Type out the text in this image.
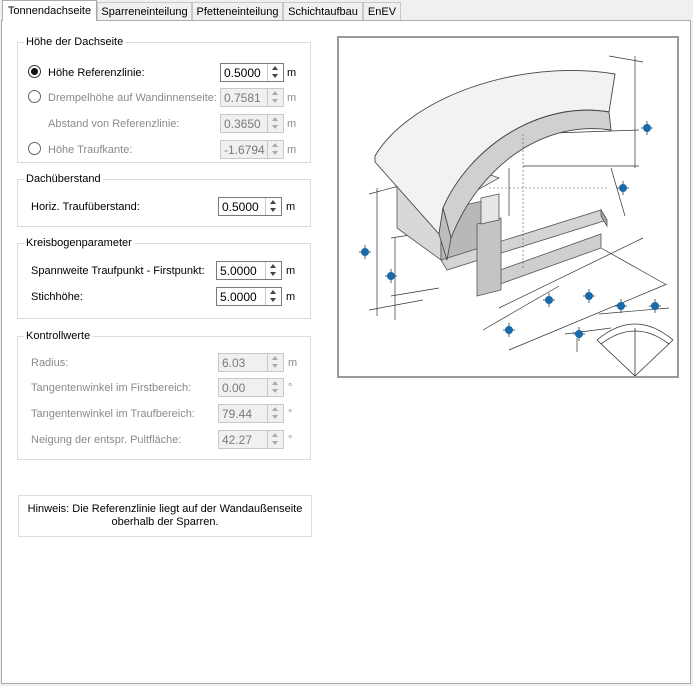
Tonnendachseite Sparreneinteilung Pfetteneinteilung Schichtaufbau EnEV
Höhe der Dachseite
Höhe Referenzlinie:	0.5000 m
Drempelhöhe auf Wandinnenseite: 0.7581 m
Abstand von Referenzlinie:	0.3650 m
Höhe Traufkante:	-1.6794 m
Dachüberstand
Horiz. Traufüberstand:	0.5000 m
Kreisbogenparameter
Spannweite Traufpunkt - Firstpunkt: 5.0000	m
Stichhöhe:	5.0000	m
Kontrollwerte
Radius:	6.03	m
Tangentenwinkel im Firstbereich:	0.00	°
Tangentenwinkel im Traufbereich: 79.44	°
Neigung der entspr. Pultfläche:	42.27	°
Hinweis: Die Referenzlinie liegt auf der Wandaußenseite
oberhalb der Sparren.
